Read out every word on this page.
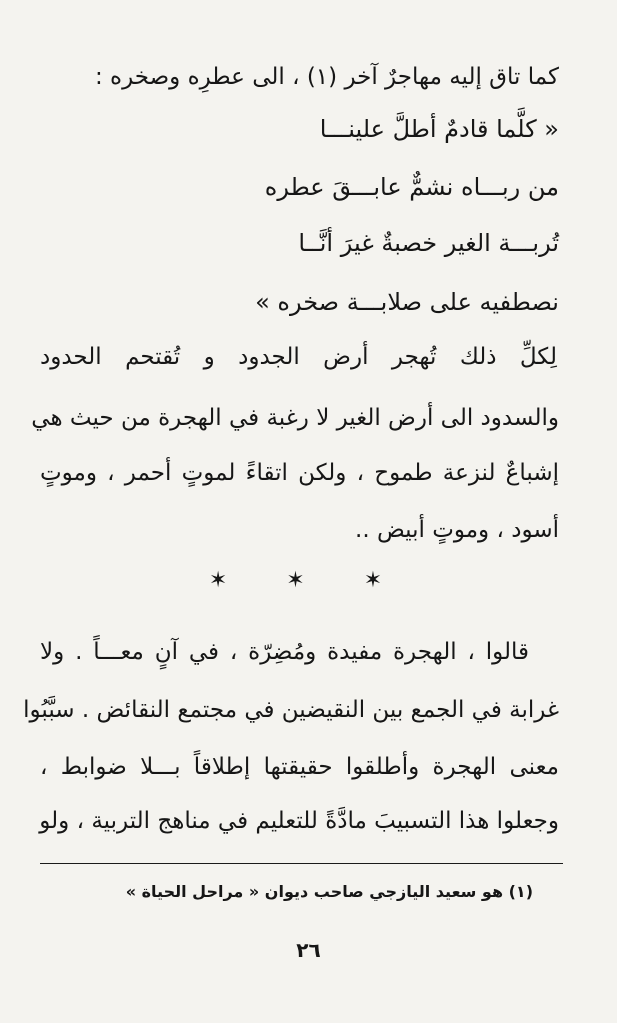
كما تاق إليه مهاجرٌ آخر (١) ، الى عطرِه وصخره :
« كلَّما قادمٌ أطلَّ علينـــا
من ربـــاه نشمٌّ عابـــقَ عطره
تُربـــة الغير خصبةٌ غيرَ أنَّــا
نصطفيه على صلابـــة صخره »
لِكلِّ ذلك تُهجر أرض الجدود و تُقتحم الحدود
والسدود الى أرض الغير لا رغبة في الهجرة من حيث هي
إشباعٌ لنزعة طموح ، ولكن اتقاءً لموتٍ أحمر ، وموتٍ
أسود ، وموتٍ أبيض ..
✶ ✶ ✶
قالوا ، الهجرة مفيدة ومُضِرّة ، في آنٍ معـــاً . ولا
غرابة في الجمع بين النقيضين في مجتمع النقائض . سبَّبُوا
معنى الهجرة وأطلقوا حقيقتها إطلاقاً بـــلا ضوابط ،
وجعلوا هذا التسبيبَ مادَّةً للتعليم في مناهج التربية ، ولو
(١) هو سعيد اليازجي صاحب ديوان « مراحل الحياة »
٢٦
